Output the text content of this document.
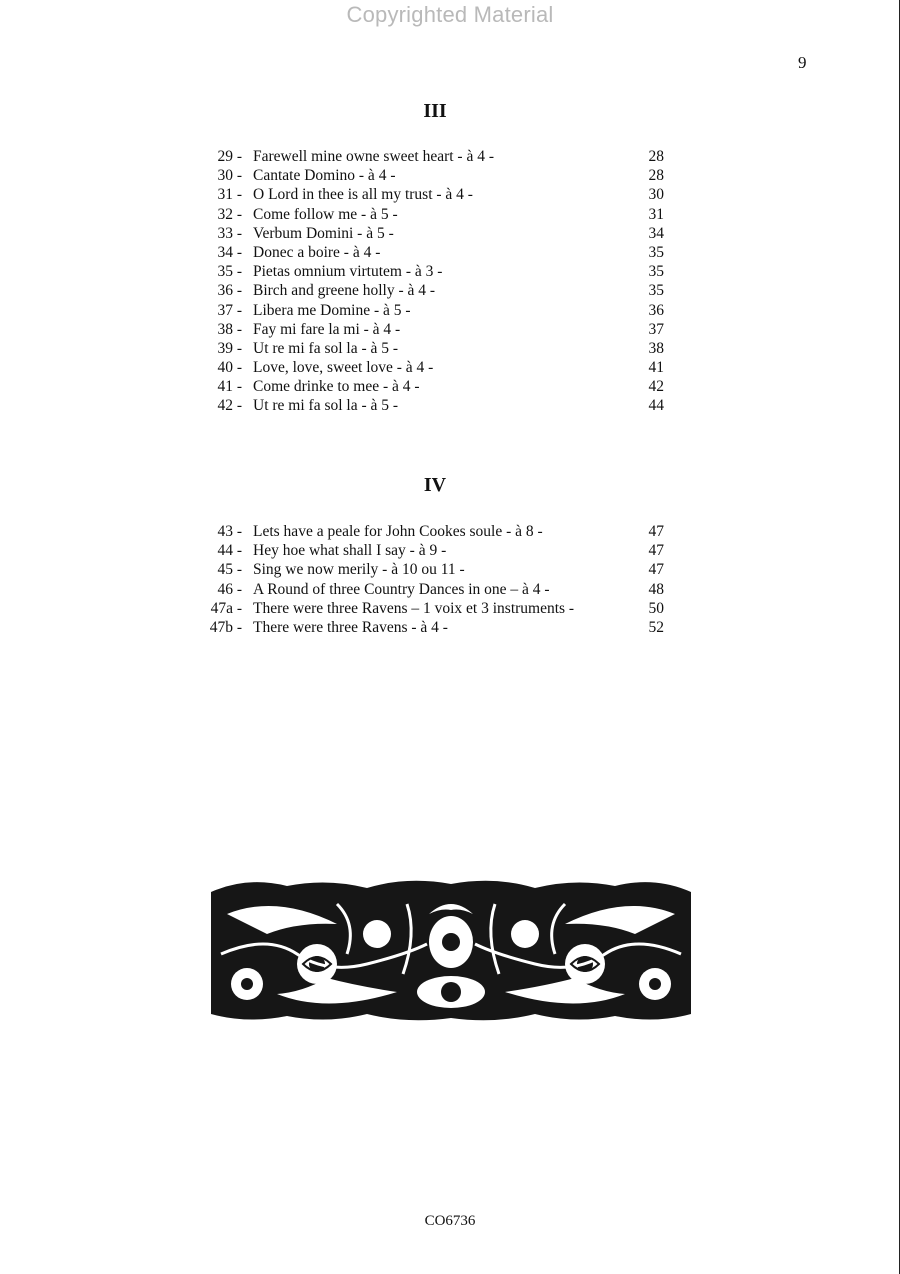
Copyrighted Material
9
III
29 - Farewell mine owne sweet heart - à 4 -	28
30 - Cantate Domino - à 4 -	28
31 - O Lord in thee is all my trust - à 4 -	30
32 - Come follow me - à 5 -	31
33 - Verbum Domini - à 5 -	34
34 - Donec a boire - à 4 -	35
35 - Pietas omnium virtutem - à 3 -	35
36 - Birch and greene holly - à 4 -	35
37 - Libera me Domine - à 5 -	36
38 - Fay mi fare la mi - à 4 -	37
39 - Ut re mi fa sol la - à 5 -	38
40 - Love, love, sweet love - à 4 -	41
41 - Come drinke to mee - à 4 -	42
42 - Ut re mi fa sol la - à 5 -	44
IV
43 - Lets have a peale for John Cookes soule - à 8 -	47
44 - Hey hoe what shall I say - à 9 -	47
45 - Sing we now merily - à 10 ou 11 -	47
46 - A Round of three Country Dances in one – à 4 -	48
47a - There were three Ravens – 1 voix et 3 instruments -	50
47b - There were three Ravens - à 4 -	52
CO6736
